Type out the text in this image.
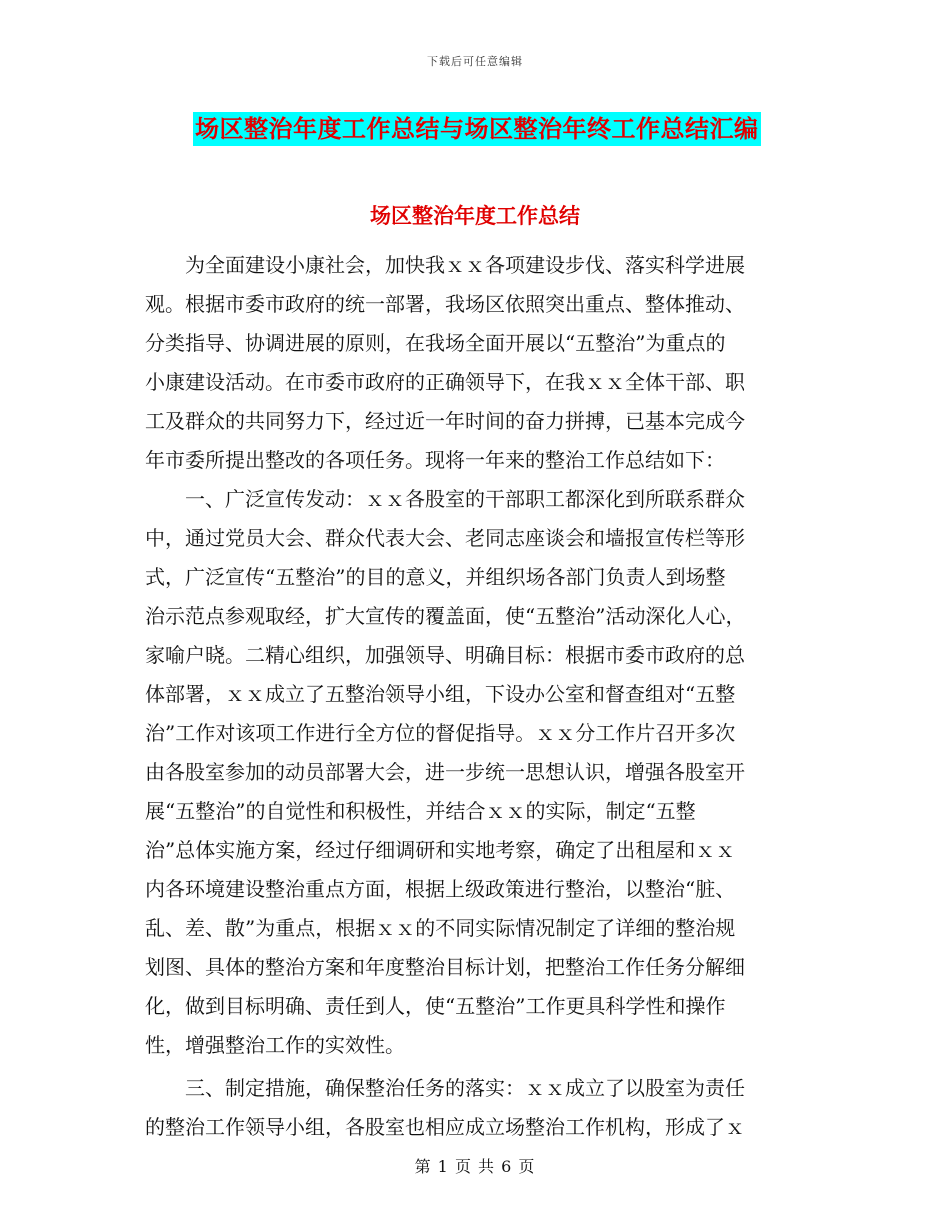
下载后可任意编辑
场区整治年度工作总结与场区整治年终工作总结汇编
场区整治年度工作总结
　　为全面建设小康社会，加快我ｘｘ各项建设步伐、落实科学进展
观。根据市委市政府的统一部署，我场区依照突出重点、整体推动、
分类指导、协调进展的原则，在我场全面开展以“五整治”为重点的
小康建设活动。在市委市政府的正确领导下，在我ｘｘ全体干部、职
工及群众的共同努力下，经过近一年时间的奋力拼搏，已基本完成今
年市委所提出整改的各项任务。现将一年来的整治工作总结如下：
　　一、广泛宣传发动：ｘｘ各股室的干部职工都深化到所联系群众
中，通过党员大会、群众代表大会、老同志座谈会和墙报宣传栏等形
式，广泛宣传“五整治”的目的意义，并组织场各部门负责人到场整
治示范点参观取经，扩大宣传的覆盖面，使“五整治”活动深化人心，
家喻户晓。二精心组织，加强领导、明确目标：根据市委市政府的总
体部署，ｘｘ成立了五整治领导小组，下设办公室和督查组对“五整
治”工作对该项工作进行全方位的督促指导。ｘｘ分工作片召开多次
由各股室参加的动员部署大会，进一步统一思想认识，增强各股室开
展“五整治”的自觉性和积极性，并结合ｘｘ的实际，制定“五整
治”总体实施方案，经过仔细调研和实地考察，确定了出租屋和ｘｘ
内各环境建设整治重点方面，根据上级政策进行整治，以整治“脏、
乱、差、散”为重点，根据ｘｘ的不同实际情况制定了详细的整治规
划图、具体的整治方案和年度整治目标计划，把整治工作任务分解细
化，做到目标明确、责任到人，使“五整治”工作更具科学性和操作
性，增强整治工作的实效性。
　　三、制定措施，确保整治任务的落实：ｘｘ成立了以股室为责任
的整治工作领导小组，各股室也相应成立场整治工作机构，形成了ｘ
第 1 页 共 6 页
